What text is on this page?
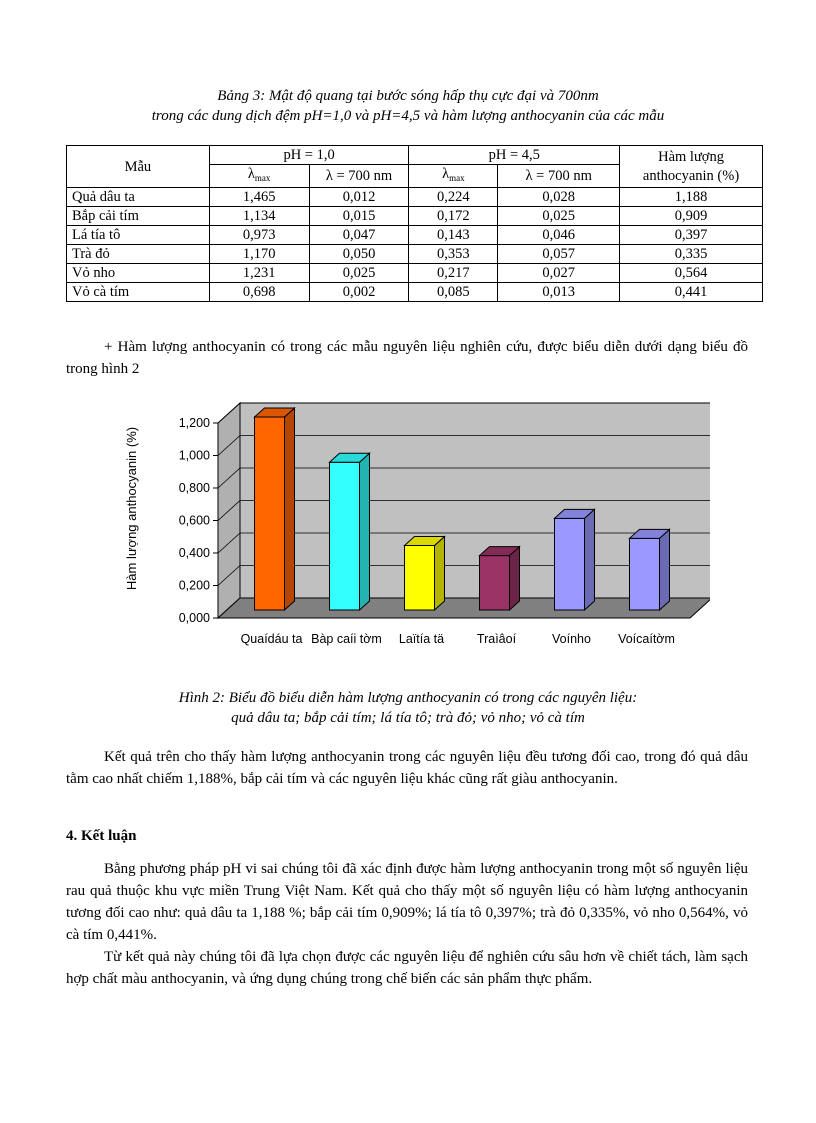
Bảng 3: Mật độ quang tại bước sóng hấp thụ cực đại và 700nm
trong các dung dịch đệm pH=1,0 và pH=4,5 và hàm lượng anthocyanin của các mẫu
Mẫu	pH = 1,0		pH = 4,5		Hàm lượng
anthocyanin (%)

	$\lambda_{max}$	λ = 700 nm	$\lambda_{max}$	λ = 700 nm	
Quả dâu ta	1,465	0,012	0,224	0,028	1,188
Bắp cải tím	1,134	0,015	0,172	0,025	0,909
Lá tía tô	0,973	0,047	0,143	0,046	0,397
Trà đỏ	1,170	0,050	0,353	0,057	0,335
Vỏ nho	1,231	0,025	0,217	0,027	0,564
Vỏ cà tím	0,698	0,002	0,085	0,013	0,441
+ Hàm lượng anthocyanin có trong các mẫu nguyên liệu nghiên cứu, được biểu diễn dưới dạng biểu đồ trong hình 2
0,000
0,200
0,400
0,600
0,800
1,000
1,200
Quaídáu ta Bàp caíi tờm Laïtía tä	Traìâoí	Voínho Voícaítờm
Hàm lượng anthocyanin (%)
Hình 2: Biểu đồ biểu diễn hàm lượng anthocyanin có trong các nguyên liệu:
quả dâu ta; bắp cải tím; lá tía tô; trà đỏ; vỏ nho; vỏ cà tím
Kết quả trên cho thấy hàm lượng anthocyanin trong các nguyên liệu đều tương đối cao, trong đó quả dâu tằm cao nhất chiếm 1,188%, bắp cải tím và các nguyên liệu khác cũng rất giàu anthocyanin.
4. Kết luận
Bằng phương pháp pH vi sai chúng tôi đã xác định được hàm lượng anthocyanin trong một số nguyên liệu rau quả thuộc khu vực miền Trung Việt Nam. Kết quả cho thấy một số nguyên liệu có hàm lượng anthocyanin tương đối cao như: quả dâu ta 1,188 %; bắp cải tím 0,909%; lá tía tô 0,397%; trà đỏ 0,335%, vỏ nho 0,564%, vỏ cà tím 0,441%.
Từ kết quả này chúng tôi đã lựa chọn được các nguyên liệu để nghiên cứu sâu hơn về chiết tách, làm sạch hợp chất màu anthocyanin, và ứng dụng chúng trong chế biến các sản phẩm thực phẩm.
